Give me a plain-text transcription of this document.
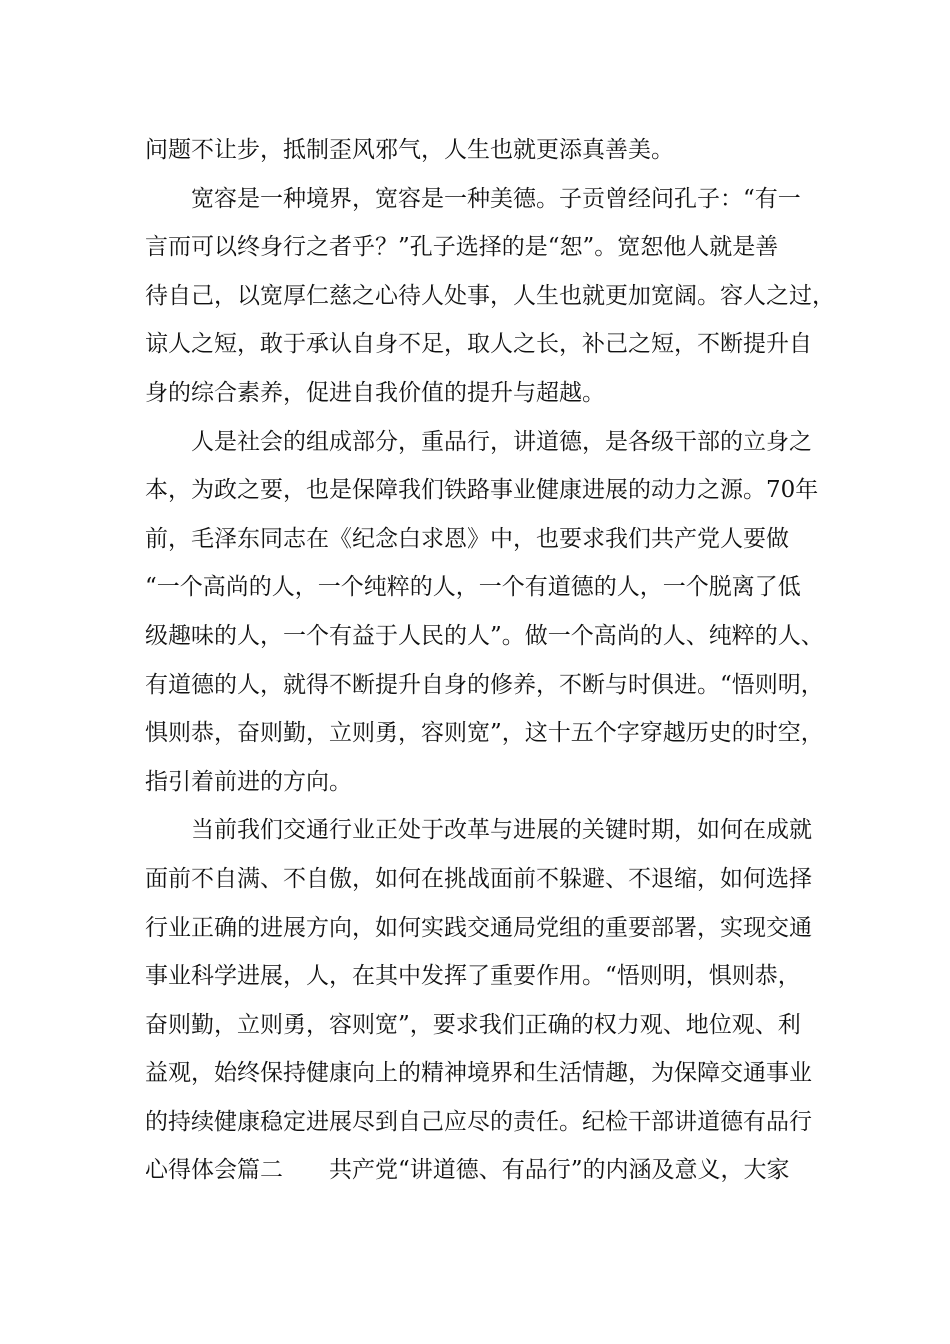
问题不让步，抵制歪风邪气，人生也就更添真善美。
宽容是一种境界，宽容是一种美德。子贡曾经问孔子：“有一
言而可以终身行之者乎？”孔子选择的是“恕”。宽恕他人就是善
待自己，以宽厚仁慈之心待人处事，人生也就更加宽阔。容人之过，
谅人之短，敢于承认自身不足，取人之长，补己之短，不断提升自
身的综合素养，促进自我价值的提升与超越。
人是社会的组成部分，重品行，讲道德，是各级干部的立身之
本，为政之要，也是保障我们铁路事业健康进展的动力之源。70年
前，毛泽东同志在《纪念白求恩》中，也要求我们共产党人要做
“一个高尚的人，一个纯粹的人，一个有道德的人，一个脱离了低
级趣味的人，一个有益于人民的人”。做一个高尚的人、纯粹的人、
有道德的人，就得不断提升自身的修养，不断与时俱进。“悟则明，
惧则恭，奋则勤，立则勇，容则宽”，这十五个字穿越历史的时空，
指引着前进的方向。
当前我们交通行业正处于改革与进展的关键时期，如何在成就
面前不自满、不自傲，如何在挑战面前不躲避、不退缩，如何选择
行业正确的进展方向，如何实践交通局党组的重要部署，实现交通
事业科学进展，人，在其中发挥了重要作用。“悟则明，惧则恭，
奋则勤，立则勇，容则宽”，要求我们正确的权力观、地位观、利
益观，始终保持健康向上的精神境界和生活情趣，为保障交通事业
的持续健康稳定进展尽到自己应尽的责任。纪检干部讲道德有品行
心得体会篇二　　共产党“讲道德、有品行”的内涵及意义，大家
